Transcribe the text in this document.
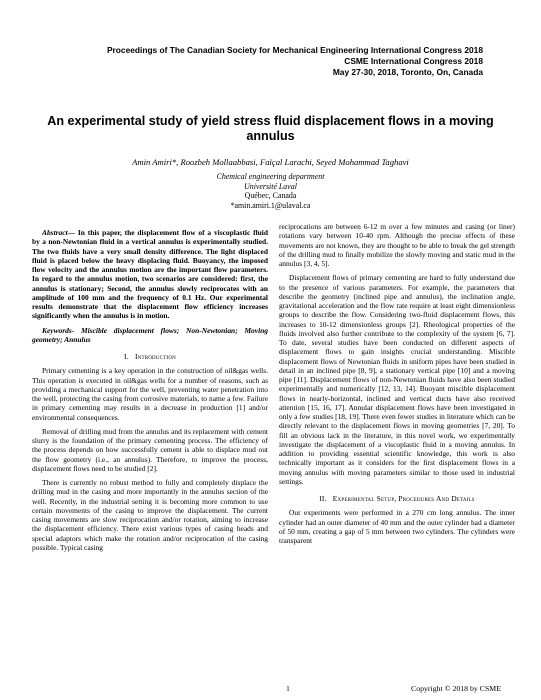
Proceedings of The Canadian Society for Mechanical Engineering International Congress 2018
CSME International Congress 2018
May 27-30, 2018, Toronto, On, Canada
An experimental study of yield stress fluid displacement flows in a moving annulus
Amin Amiri*, Roozbeh Mollaabbasi, Faïçal Larachi, Seyed Mohammad Taghavi
Chemical engineering department
Université Laval
Québec, Canada
*amin.amiri.1@ulaval.ca

Abstract— In this paper, the displacement flow of a viscoplastic fluid by a non-Newtonian fluid in a vertical annulus is experimentally studied. The two fluids have a very small density difference. The light displaced fluid is placed below the heavy displacing fluid. Buoyancy, the imposed flow velocity and the annulus motion are the important flow parameters. In regard to the annulus motion, two scenarios are considered: first, the annulus is stationary; Second, the annulus slowly reciprocates with an amplitude of 100 mm and the frequency of 0.1 Hz. Our experimental results demonstrate that the displacement flow efficiency increases significantly when the annulus is in motion.

Keywords- Miscible displacement flows; Non-Newtonian; Moving geometry; Annulus

I. Introduction

Primary cementing is a key operation in the construction of oil&gas wells. This operation is executed in oil&gas wells for a number of reasons, such as providing a mechanical support for the well, preventing water penetration into the well, protecting the casing from corrosive materials, to name a few. Failure in primary cementing may results in a decrease in production [1] and/or environmental consequences.

Removal of drilling mud from the annulus and its replacement with cement slurry is the foundation of the primary cementing process. The efficiency of the process depends on how successfully cement is able to displace mud out the flow geometry (i.e., an annulus). Therefore, to improve the process, displacement flows need to be studied [2].

There is currently no robust method to fully and completely displace the drilling mud in the casing and more importantly in the annulus section of the well. Recently, in the industrial setting it is becoming more common to use certain movements of the casing to improve the displacement. The current casing movements are slow reciprocation and/or rotation, aiming to increase the displacement efficiency. There exist various types of casing heads and special adaptors which make the rotation and/or reciprocation of the casing possible. Typical casing

reciprocations are between 6-12 m over a few minutes and casing (or liner) rotations vary between 10-40 rpm. Although the precise effects of these movements are not known, they are thought to be able to break the gel strength of the drilling mud to finally mobilize the slowly moving and static mud in the annulus [3, 4, 5].

Displacement flows of primary cementing are hard to fully understand due to the presence of various parameters. For example, the parameters that describe the geometry (inclined pipe and annulus), the inclination angle, gravitational acceleration and the flow rate require at least eight dimensionless groups to describe the flow. Considering two-fluid displacement flows, this increases to 10-12 dimensionless groups [2]. Rheological properties of the fluids involved also further contribute to the complexity of the system [6, 7]. To date, several studies have been conducted on different aspects of displacement flows to gain insights crucial understanding. Miscible displacement flows of Newtonian fluids in uniform pipes have been studied in detail in an inclined pipe [8, 9], a stationary vertical pipe [10] and a moving pipe [11]. Displacement flows of non-Newtonian fluids have also been studied experimentally and numerically [12, 13, 14]. Buoyant miscible displacement flows in nearly-horizontal, inclined and vertical ducts have also received attention [15, 16, 17]. Annular displacement flows have been investigated in only a few studies [18, 19]. There even fewer studies in literature which can be directly relevant to the displacement flows in moving geometries [7, 20]. To fill an obvious lack in the literature, in this novel work, we experimentally investigate the displacement of a viscoplastic fluid in a moving annulus. In addition to providing essential scientific knowledge, this work is also technically important as it considers for the first displacement flows in a moving annulus with moving parameters similar to those used in industrial settings.

II. Experimental Setup, Procedures And Details

Our experiments were performed in a 270 cm long annulus. The inner cylinder had an outer diameter of 40 mm and the outer cylinder had a diameter of 50 mm, creating a gap of 5 mm between two cylinders. The cylinders were transparent

1	Copyright © 2018 by CSME
